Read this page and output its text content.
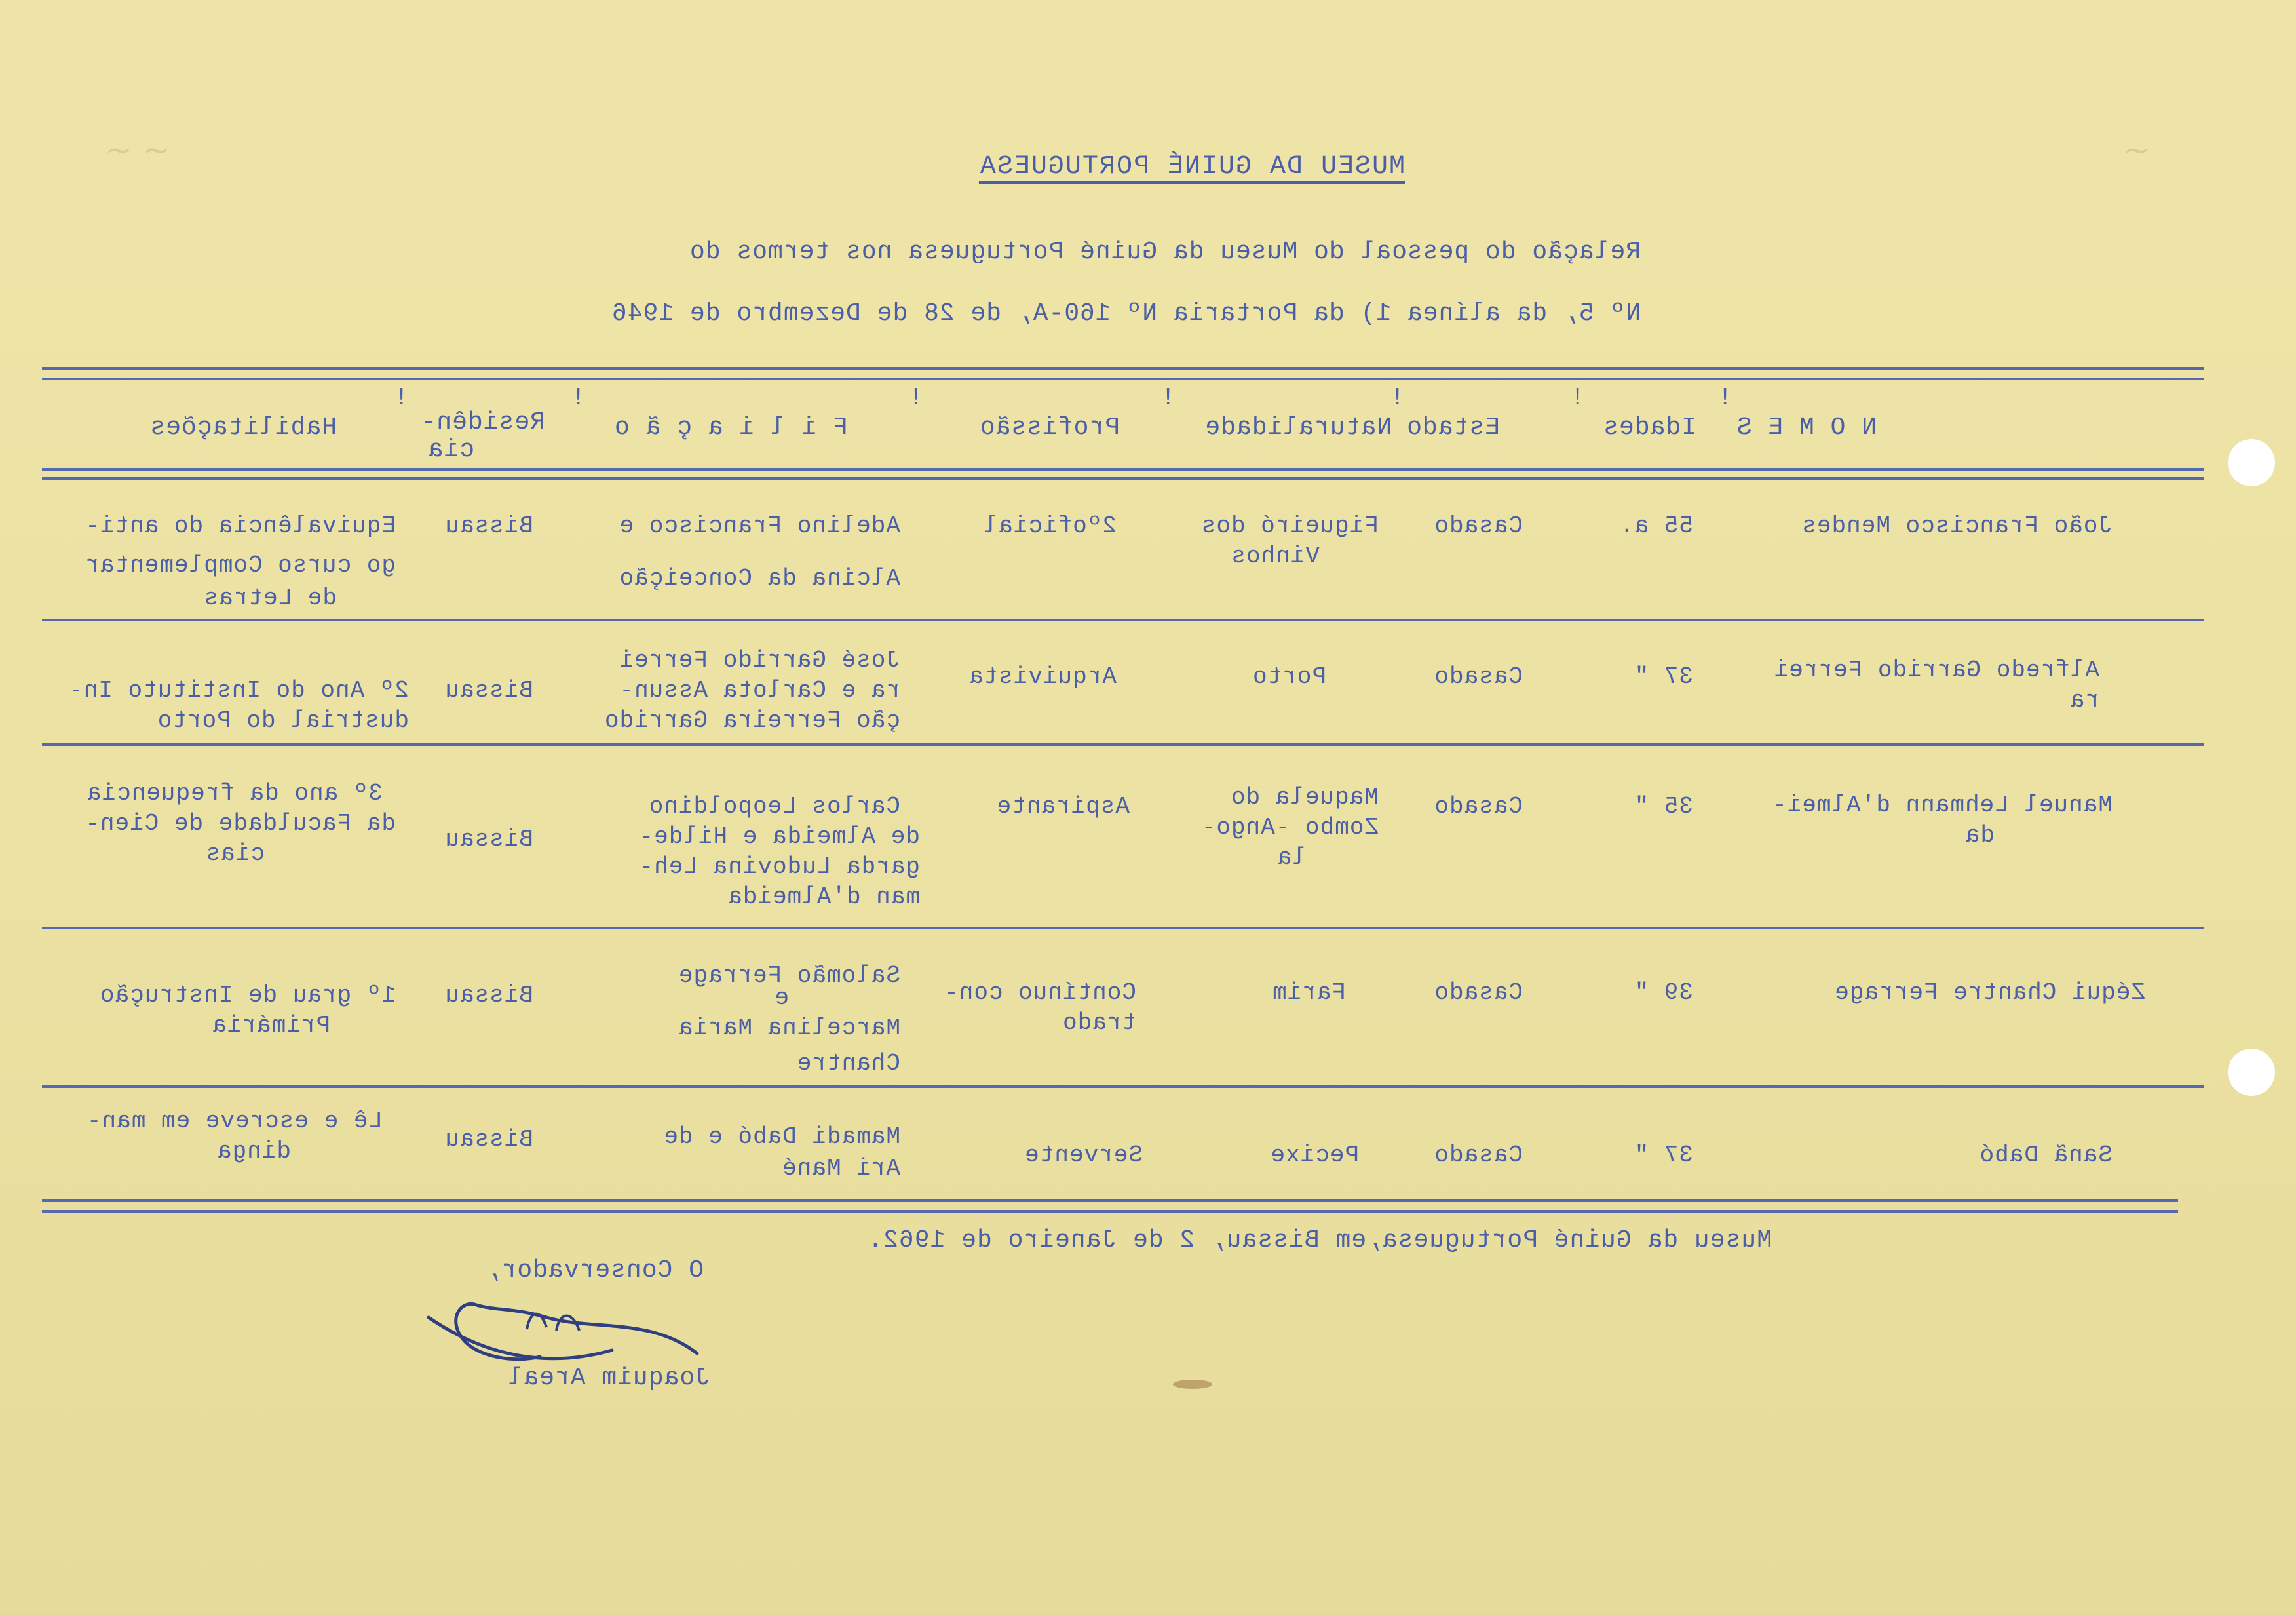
~ ~	~
MUSEU DA GUINÉ PORTUGUESA
Relação do pessoal do Museu da Guiné Portuguesa nos termos do
Nº 5, da alínea 1) da Portaria Nº 160-A, de 28 de Dezembro de 1946
N O M E S
Idades
Estado
Naturalidade
Profissão
F i l i a ç ã o
Residên-
cia
Habilitações
!
!
!
!
!
!
!
João Francisco Mendes
55 a.
Casado
Figueiró dos
Vinhos
2ºoficial
Adelino Francisco e
Alcina da Conceição
Bissau
Equivalência do anti-
go curso Complementar
de Letras
Alfredo Garrido Ferrei
ra
37 "
Casado
Porto
Arquivista
José Garrido Ferrei
ra e Carlota Assun-
ção Ferreira Garrido
Bissau
2º Ano do Instituto In-
dustrial do Porto
Manuel Lehmann d'Almei-
da
35 "
Casado
Maquela do
Zombo -Ango-
la
Aspirante
Carlos Leopoldino
de Almeida e Hilde-
garda Ludovina Leh-
man d'Almeida
Bissau
3º ano da frequencia
da Faculdade de Cien-
cias
Zéqui Chantre Ferrage
39 "
Casado
Farim
Contínuo con-
trado
Salomão Ferrage
e
Marcelina Maria
Chantre
Bissau
1º grau de Instrução
Primária
Sanã Dabó
37 "
Casado
Pecixe
Servente
Mamadi Dabó e de
Ari Mané
Bissau
Lê e escreve em man-
dinga
Museu da Guiné Portuguesa,em Bissau, 2 de Janeiro de 1962.
O Conservador,
Joaquim Areal
